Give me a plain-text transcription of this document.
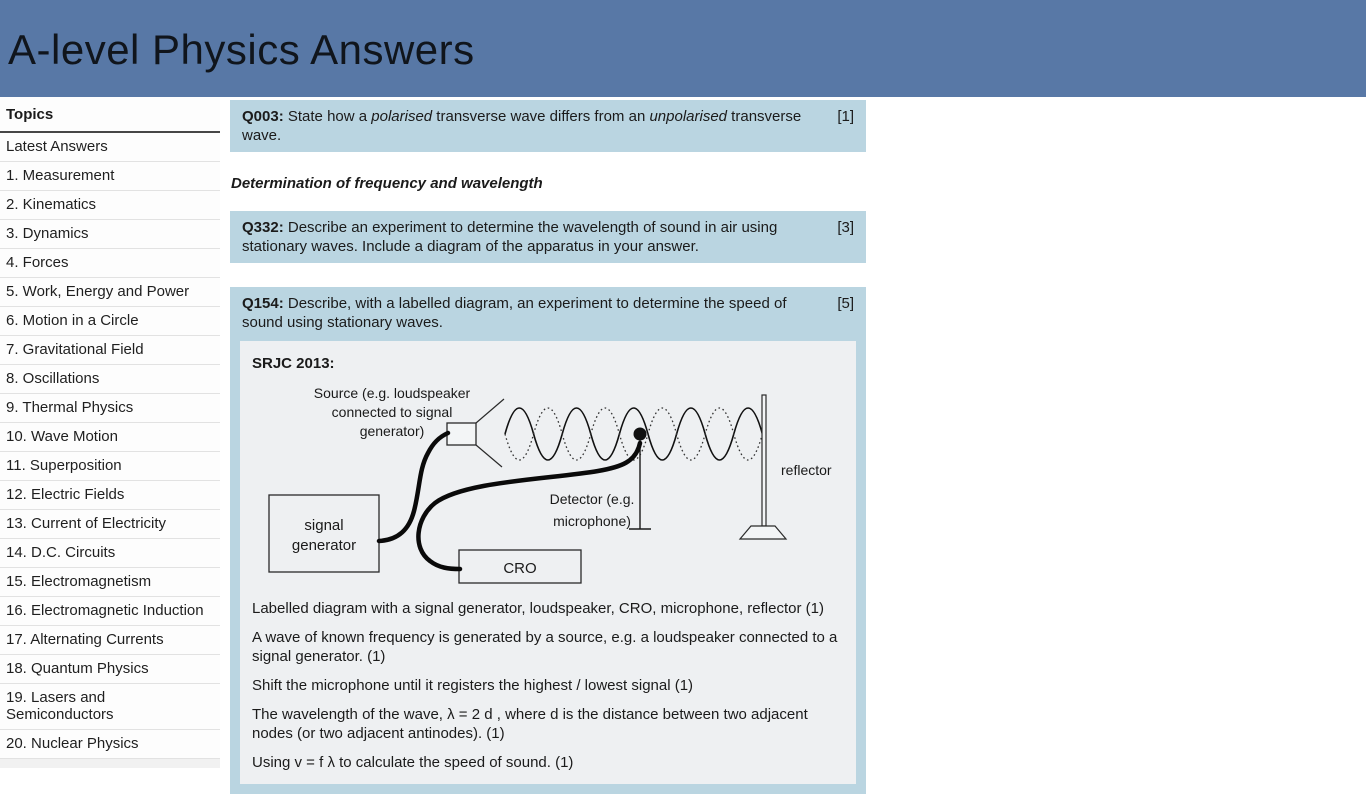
A-level Physics Answers
Topics
Latest Answers
1. Measurement
2. Kinematics
3. Dynamics
4. Forces
5. Work, Energy and Power
6. Motion in a Circle
7. Gravitational Field
8. Oscillations
9. Thermal Physics
10. Wave Motion
11. Superposition
12. Electric Fields
13. Current of Electricity
14. D.C. Circuits
15. Electromagnetism
16. Electromagnetic Induction
17. Alternating Currents
18. Quantum Physics
19. Lasers and Semiconductors
20. Nuclear Physics
Q003: State how a polarised transverse wave differs from an unpolarised transverse wave.
[1]
Determination of frequency and wavelength
Q332: Describe an experiment to determine the wavelength of sound in air using stationary waves. Include a diagram of the apparatus in your answer.
[3]
Q154: Describe, with a labelled diagram, an experiment to determine the speed of sound using stationary waves.
[5]
SRJC 2013:
Source (e.g. loudspeaker
connected to signal
generator)
Detector (e.g.
microphone)
reflector
signal
generator
CRO

Labelled diagram with a signal generator, loudspeaker, CRO, microphone, reflector (1)

A wave of known frequency is generated by a source, e.g. a loudspeaker connected to a signal generator. (1)

Shift the microphone until it registers the highest / lowest signal (1)

The wavelength of the wave, λ = 2 d , where d is the distance between two adjacent nodes (or two adjacent antinodes). (1)

Using v = f λ to calculate the speed of sound. (1)
